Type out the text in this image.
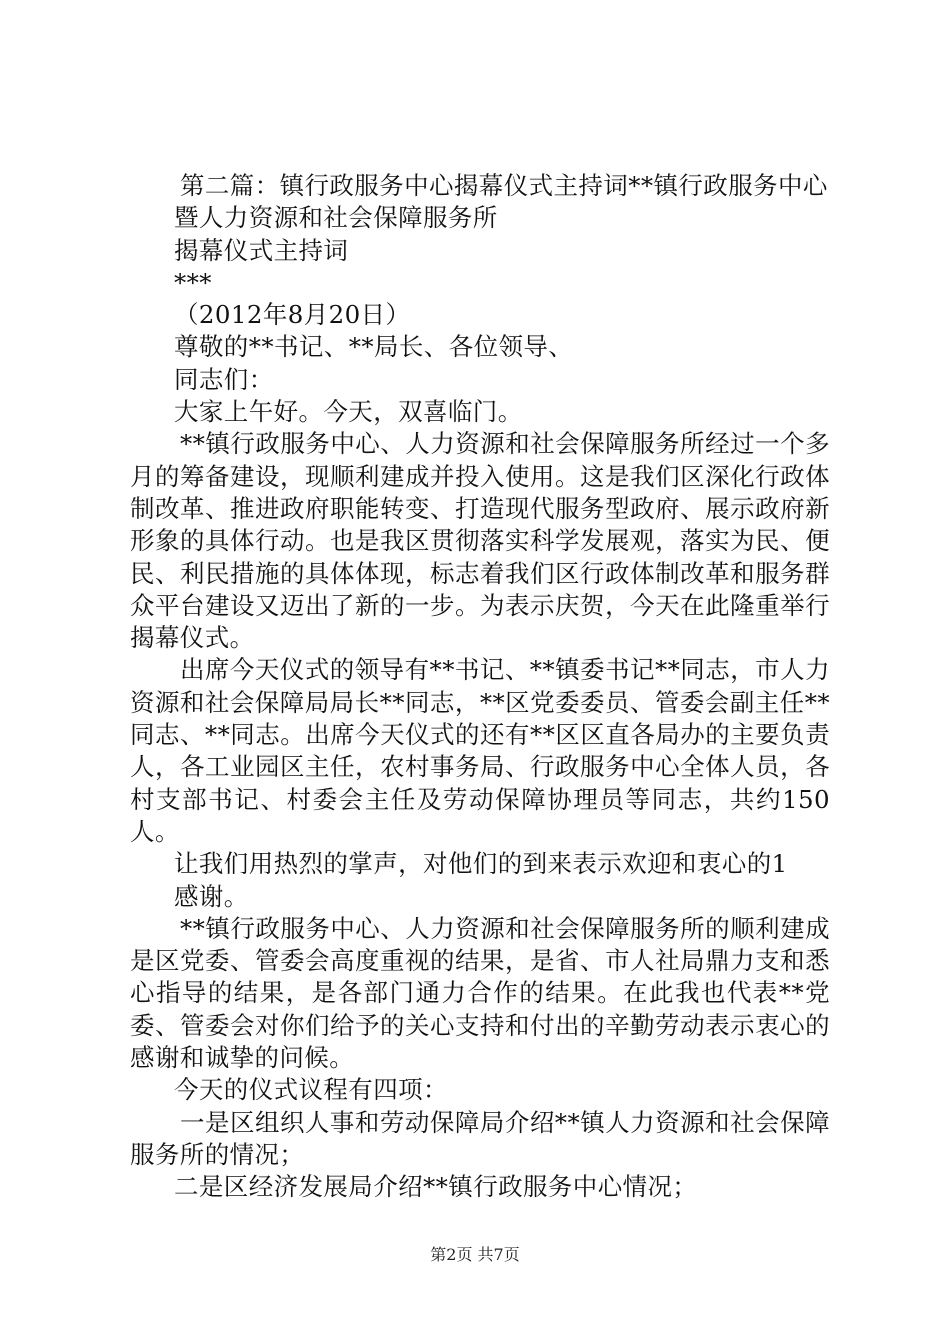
第二篇：镇行政服务中心揭幕仪式主持词**镇行政服务中心

暨人力资源和社会保障服务所

揭幕仪式主持词

***

（2012年8月20日）

尊敬的**书记、**局长、各位领导、

同志们：

大家上午好。今天，双喜临门。

**镇行政服务中心、人力资源和社会保障服务所经过一个多月的筹备建设，现顺利建成并投入使用。这是我们区深化行政体制改革、推进政府职能转变、打造现代服务型政府、展示政府新形象的具体行动。也是我区贯彻落实科学发展观，落实为民、便民、利民措施的具体体现，标志着我们区行政体制改革和服务群众平台建设又迈出了新的一步。为表示庆贺，今天在此隆重举行揭幕仪式。

出席今天仪式的领导有**书记、**镇委书记**同志，市人力资源和社会保障局局长**同志，**区党委委员、管委会副主任**同志、**同志。出席今天仪式的还有**区区直各局办的主要负责人，各工业园区主任，农村事务局、行政服务中心全体人员，各村支部书记、村委会主任及劳动保障协理员等同志，共约150人。

让我们用热烈的掌声，对他们的到来表示欢迎和衷心的1

感谢。

**镇行政服务中心、人力资源和社会保障服务所的顺利建成是区党委、管委会高度重视的结果，是省、市人社局鼎力支和悉心指导的结果，是各部门通力合作的结果。在此我也代表**党委、管委会对你们给予的关心支持和付出的辛勤劳动表示衷心的感谢和诚挚的问候。

今天的仪式议程有四项：

一是区组织人事和劳动保障局介绍**镇人力资源和社会保障服务所的情况；

二是区经济发展局介绍**镇行政服务中心情况；

第2页 共7页
